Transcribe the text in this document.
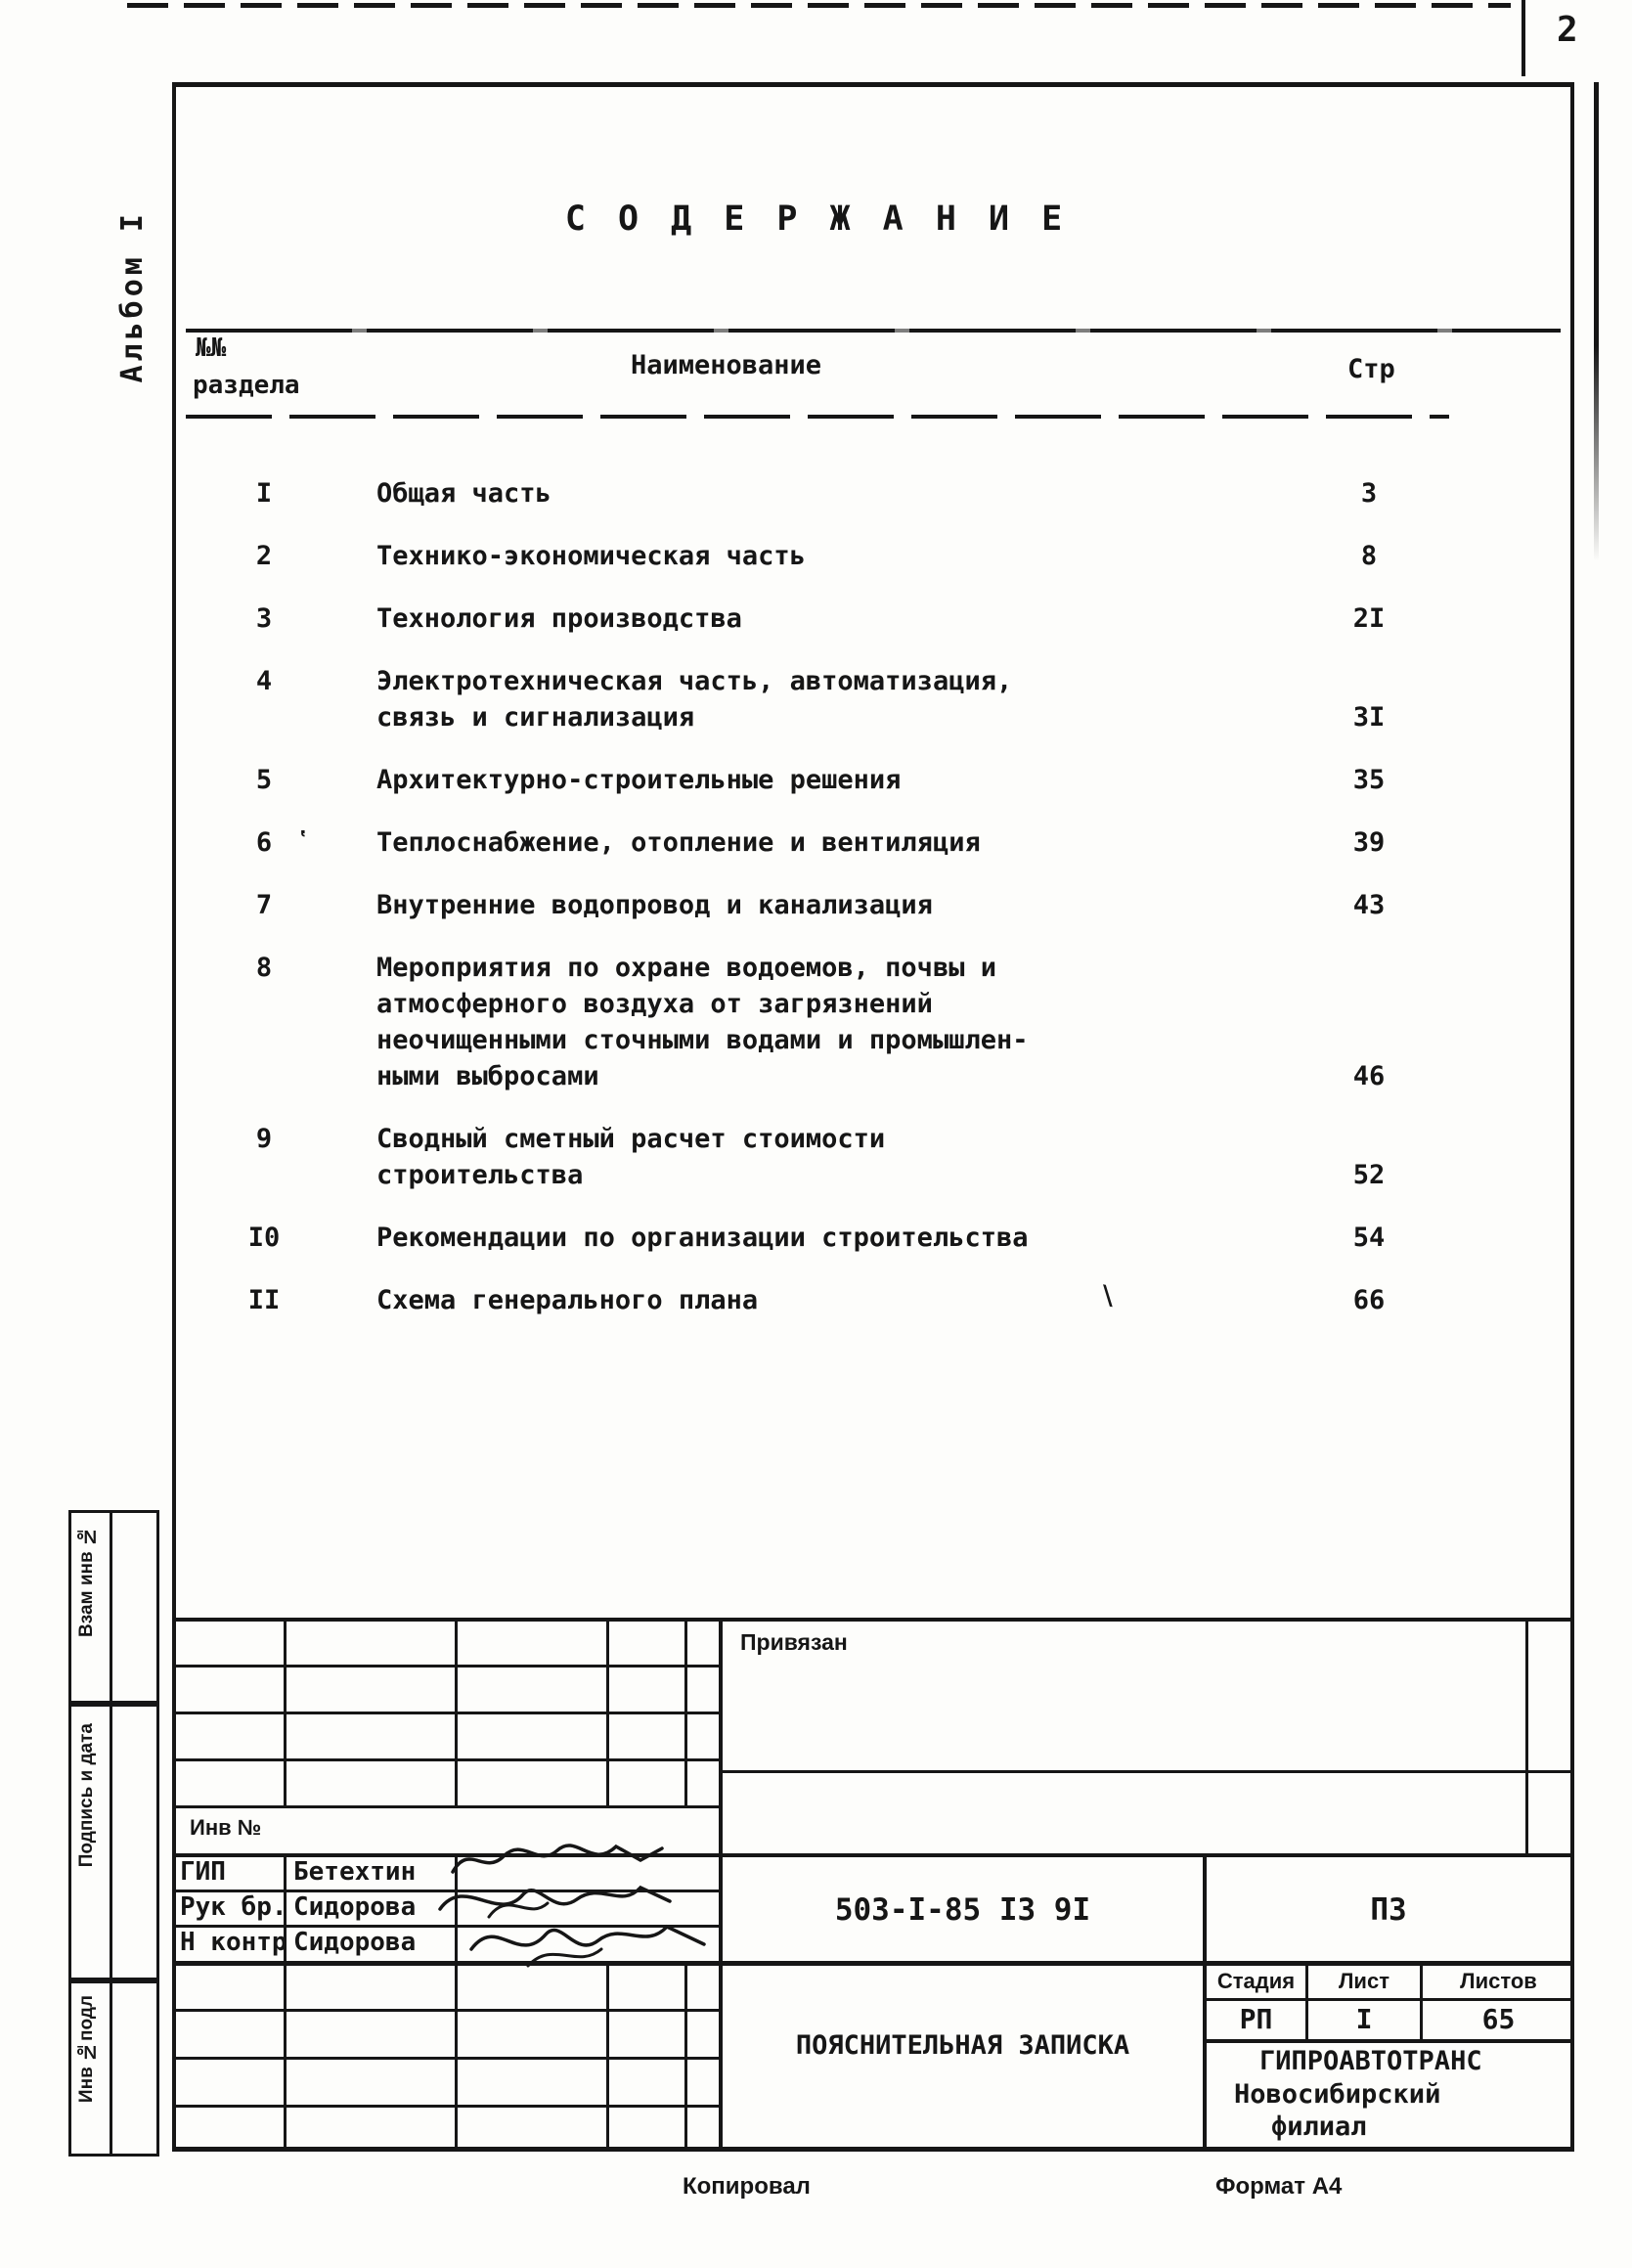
2
Альбом I	С О Д Е Р Ж А Н И Е
№№
раздела
Наименование	Стр
I	Общая часть	3
2	Технико-экономическая часть	8
3	Технология производства	2I
4	Электротехническая часть, автоматизация,
связь и сигнализация	3I
5	Архитектурно-строительные решения	35
6	Теплоснабжение, отопление и вентиляция	39
7	Внутренние водопровод и канализация	43
8	Мероприятия по охране водоемов, почвы и
атмосферного воздуха от загрязнений
неочищенными сточными водами и промышлен-
ными выбросами	46
9	Сводный сметный расчет стоимости
строительства	52
I0	Рекомендации по организации строительства	54
II	Схема генерального плана	66
ʽ
\
Привязан
Инв №
ГИП	Бетехтин
Рук бр. Сидорова
Н контр Сидорова
503-I-85 I3 9I	ПЗ
ПОЯСНИТЕЛЬНАЯ ЗАПИСКА
Стадия	Лист	Листов
РП	I	65
ГИПРОАВТОТРАНС
Новосибирский
филиал
Взам инв №
Подпись и дата
Инв №подл
Копировал	Формат А4
